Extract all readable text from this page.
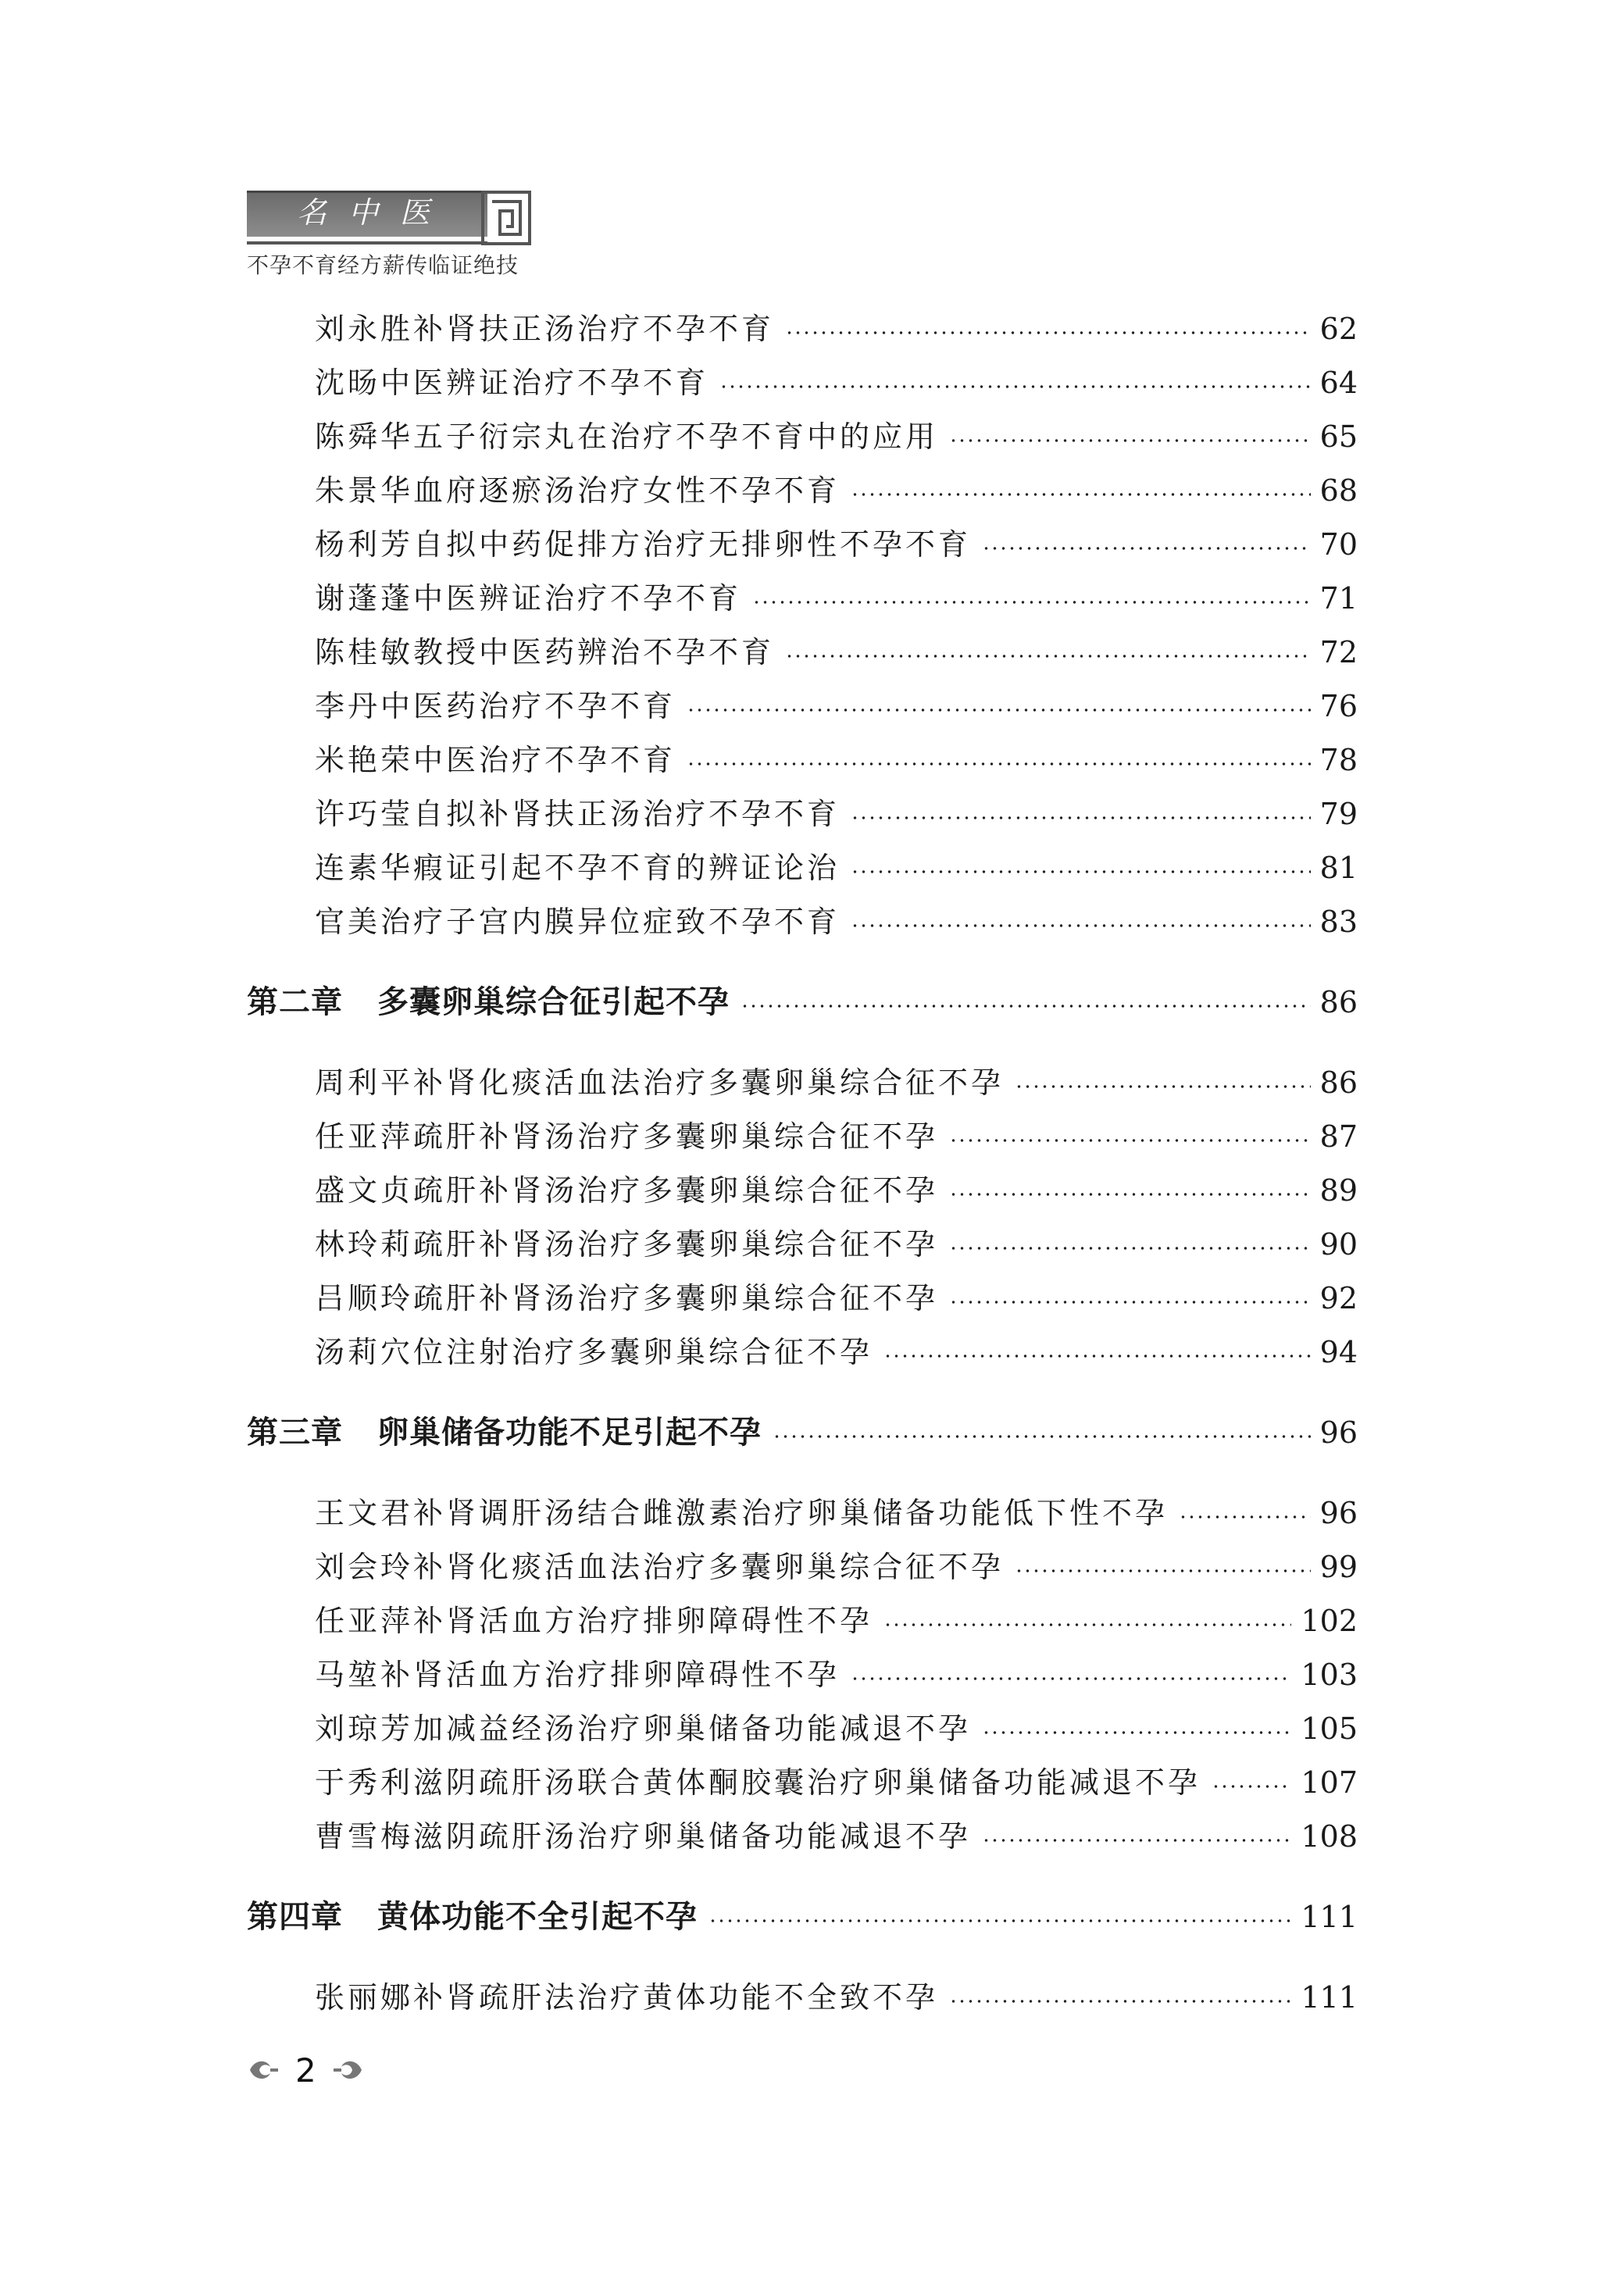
名中医
不孕不育经方薪传临证绝技
刘永胜补肾扶正汤治疗不孕不育	62
沈旸中医辨证治疗不孕不育	64
陈舜华五子衍宗丸在治疗不孕不育中的应用	65
朱景华血府逐瘀汤治疗女性不孕不育	68
杨利芳自拟中药促排方治疗无排卵性不孕不育	70
谢蓬蓬中医辨证治疗不孕不育	71
陈桂敏教授中医药辨治不孕不育	72
李丹中医药治疗不孕不育	76
米艳荣中医治疗不孕不育	78
许巧莹自拟补肾扶正汤治疗不孕不育	79
连素华瘕证引起不孕不育的辨证论治	81
官美治疗子宫内膜异位症致不孕不育	83
第二章 多囊卵巢综合征引起不孕	86
周利平补肾化痰活血法治疗多囊卵巢综合征不孕	86
任亚萍疏肝补肾汤治疗多囊卵巢综合征不孕	87
盛文贞疏肝补肾汤治疗多囊卵巢综合征不孕	89
林玲莉疏肝补肾汤治疗多囊卵巢综合征不孕	90
吕顺玲疏肝补肾汤治疗多囊卵巢综合征不孕	92
汤莉穴位注射治疗多囊卵巢综合征不孕	94
第三章 卵巢储备功能不足引起不孕	96
王文君补肾调肝汤结合雌激素治疗卵巢储备功能低下性不孕	96
刘会玲补肾化痰活血法治疗多囊卵巢综合征不孕	99
任亚萍补肾活血方治疗排卵障碍性不孕	102
马堃补肾活血方治疗排卵障碍性不孕	103
刘琼芳加减益经汤治疗卵巢储备功能减退不孕	105
于秀利滋阴疏肝汤联合黄体酮胶囊治疗卵巢储备功能减退不孕	107
曹雪梅滋阴疏肝汤治疗卵巢储备功能减退不孕	108
第四章 黄体功能不全引起不孕	111
张丽娜补肾疏肝法治疗黄体功能不全致不孕	111
2
